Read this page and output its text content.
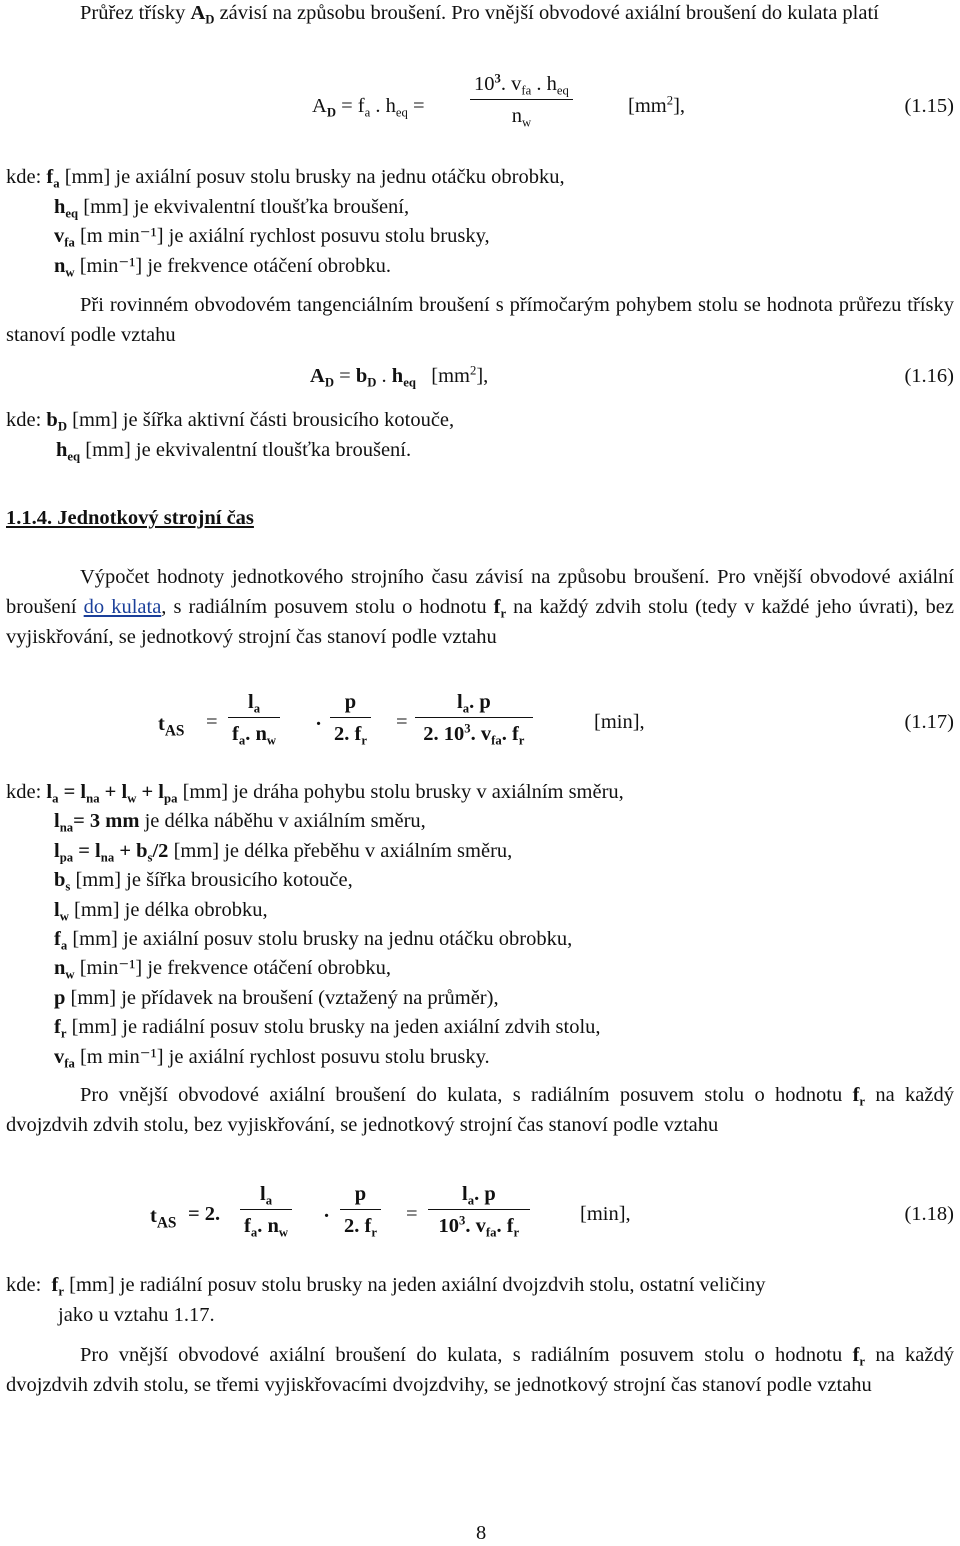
Průřez třísky $A_D$ závisí na způsobu broušení. Pro vnější obvodové axiální broušení do kulata platí
$A_D = f_a$ . $h_{eq}$ =
$10^3$. $v_{fa}$ . $h_{eq}$
$n_w$
$[mm^2]$,	(1.15)
kde: $f_a$ [mm] je axiální posuv stolu brusky na jednu otáčku obrobku,
$h_{eq}$ [mm] je ekvivalentní tloušťka broušení,
$v_{fa}$ [m min⁻¹] je axiální rychlost posuvu stolu brusky,
$n_w$ [min⁻¹] je frekvence otáčení obrobku.
Při rovinném obvodovém tangenciálním broušení s přímočarým pohybem stolu se hodnota průřezu třísky stanoví podle vztahu
$A_D = b_D$ . $h_{eq}$   $[mm^2]$,	(1.16)
kde: $b_D$ [mm] je šířka aktivní části brousicího kotouče,
$h_{eq}$ [mm] je ekvivalentní tloušťka broušení.
1.1.4. Jednotkový strojní čas
Výpočet hodnoty jednotkového strojního času závisí na způsobu broušení. Pro vnější obvodové axiální broušení do kulata, s radiálním posuvem stolu o hodnotu $f_r$ na každý zdvih stolu (tedy v každé jeho úvrati), bez vyjiskřování, se jednotkový strojní čas stanoví podle vztahu
$t_{AS} = \frac{l_a}{f_a. n_w}$ . $\frac{p}{2. f_r}$ =
$l_a$. p
2. $10^3$. $v_{fa}$. $f_r$
[min],	(1.17)
kde: $l_a = l_{na} + l_w + l_{pa}$ [mm] je dráha pohybu stolu brusky v axiálním směru,
$l_{na}= 3$ mm je délka náběhu v axiálním směru,
$l_{pa} = l_{na} + b_s/2$ [mm] je délka přeběhu v axiálním směru,
$b_s$ [mm] je šířka brousicího kotouče,
$l_w$ [mm] je délka obrobku,
$f_a$ [mm] je axiální posuv stolu brusky na jednu otáčku obrobku,
$n_w$ [min⁻¹] je frekvence otáčení obrobku,
p [mm] je přídavek na broušení (vztažený na průměr),
$f_r$ [mm] je radiální posuv stolu brusky na jeden axiální zdvih stolu,
$v_{fa}$ [m min⁻¹] je axiální rychlost posuvu stolu brusky.
Pro vnější obvodové axiální broušení do kulata, s radiálním posuvem stolu o hodnotu $f_r$ na každý dvojzdvih zdvih stolu, bez vyjiskřování, se jednotkový strojní čas stanoví podle vztahu
$t_{AS} = 2$. $\frac{l_a}{f_a. n_w}$ . $\frac{p}{2. f_r}$ =
$l_a$. p
$10^3$. $v_{fa}$. $f_r$
[min],	(1.18)
kde:  $f_r$ [mm] je radiální posuv stolu brusky na jeden axiální dvojzdvih stolu, ostatní veličiny
jako u vztahu 1.17.
Pro vnější obvodové axiální broušení do kulata, s radiálním posuvem stolu o hodnotu $f_r$ na každý dvojzdvih zdvih stolu, se třemi vyjiskřovacími dvojzdvihy, se jednotkový strojní čas stanoví podle vztahu
8
